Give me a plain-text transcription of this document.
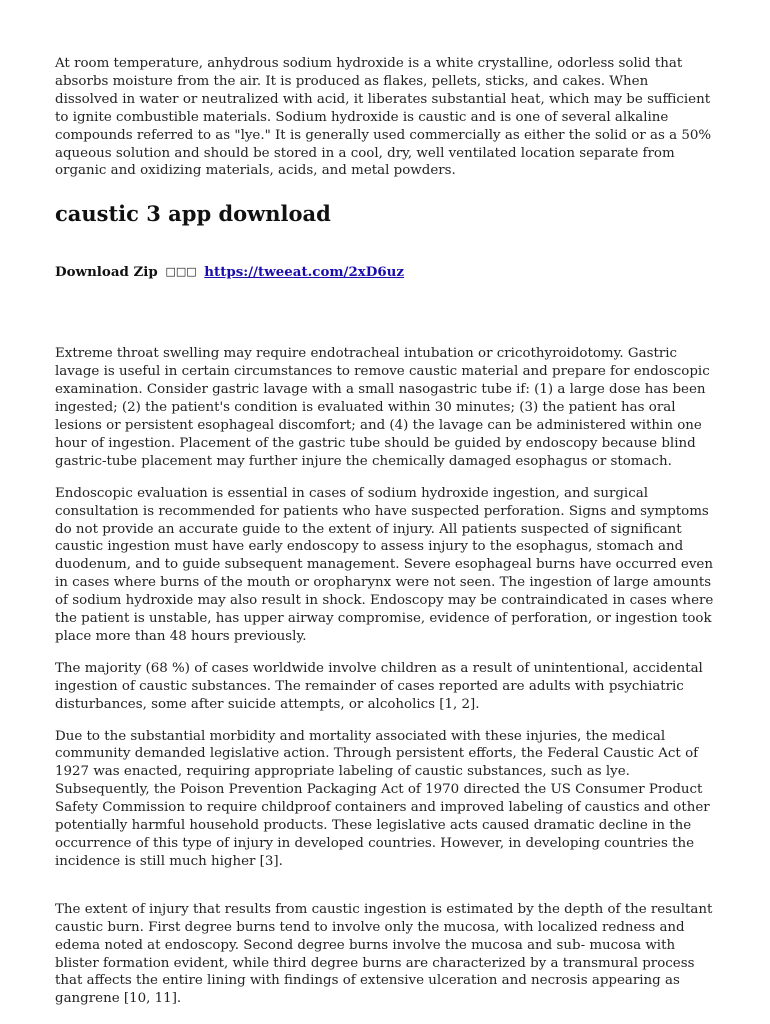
At room temperature, anhydrous sodium hydroxide is a white crystalline, odorless solid that absorbs moisture from the air. It is produced as flakes, pellets, sticks, and cakes. When dissolved in water or neutralized with acid, it liberates substantial heat, which may be sufficient to ignite combustible materials. Sodium hydroxide is caustic and is one of several alkaline compounds referred to as "lye." It is generally used commercially as either the solid or as a 50% aqueous solution and should be stored in a cool, dry, well ventilated location separate from organic and oxidizing materials, acids, and metal powders.

caustic 3 app download
Download Zip □□□ https://tweeat.com/2xD6uz

Extreme throat swelling may require endotracheal intubation or cricothyroidotomy. Gastric lavage is useful in certain circumstances to remove caustic material and prepare for endoscopic examination. Consider gastric lavage with a small nasogastric tube if: (1) a large dose has been ingested; (2) the patient's condition is evaluated within 30 minutes; (3) the patient has oral lesions or persistent esophageal discomfort; and (4) the lavage can be administered within one hour of ingestion. Placement of the gastric tube should be guided by endoscopy because blind gastric-tube placement may further injure the chemically damaged esophagus or stomach.

Endoscopic evaluation is essential in cases of sodium hydroxide ingestion, and surgical consultation is recommended for patients who have suspected perforation. Signs and symptoms do not provide an accurate guide to the extent of injury. All patients suspected of significant caustic ingestion must have early endoscopy to assess injury to the esophagus, stomach and duodenum, and to guide subsequent management. Severe esophageal burns have occurred even in cases where burns of the mouth or oropharynx were not seen. The ingestion of large amounts of sodium hydroxide may also result in shock. Endoscopy may be contraindicated in cases where the patient is unstable, has upper airway compromise, evidence of perforation, or ingestion took place more than 48 hours previously.

The majority (68 %) of cases worldwide involve children as a result of unintentional, accidental ingestion of caustic substances. The remainder of cases reported are adults with psychiatric disturbances, some after suicide attempts, or alcoholics [1, 2].

Due to the substantial morbidity and mortality associated with these injuries, the medical community demanded legislative action. Through persistent efforts, the Federal Caustic Act of 1927 was enacted, requiring appropriate labeling of caustic substances, such as lye. Subsequently, the Poison Prevention Packaging Act of 1970 directed the US Consumer Product Safety Commission to require childproof containers and improved labeling of caustics and other potentially harmful household products. These legislative acts caused dramatic decline in the occurrence of this type of injury in developed countries. However, in developing countries the incidence is still much higher [3].

The extent of injury that results from caustic ingestion is estimated by the depth of the resultant caustic burn. First degree burns tend to involve only the mucosa, with localized redness and edema noted at endoscopy. Second degree burns involve the mucosa and sub- mucosa with blister formation evident, while third degree burns are characterized by a transmural process that affects the entire lining with findings of extensive ulceration and necrosis appearing as gangrene [10, 11].
